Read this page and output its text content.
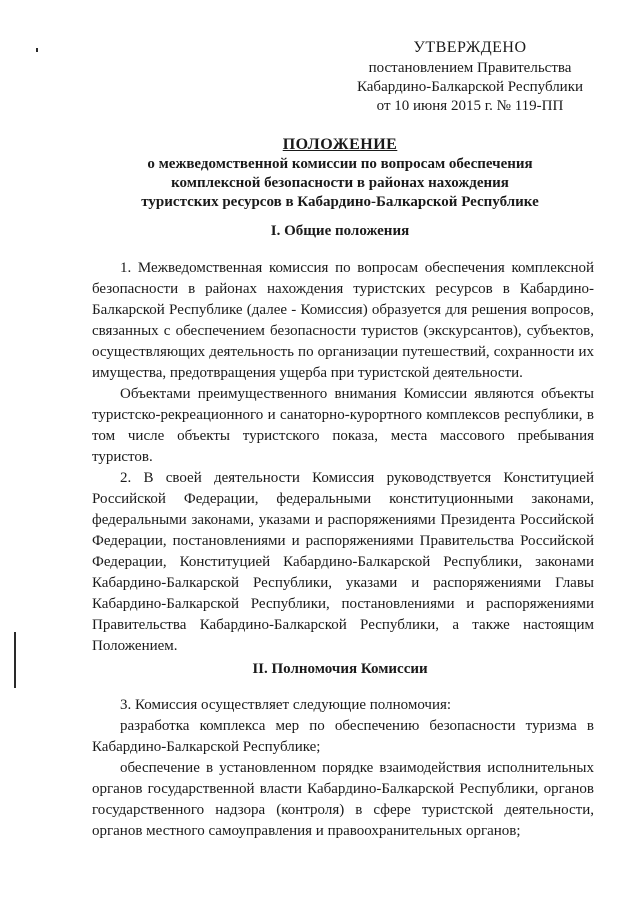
УТВЕРЖДЕНО
постановлением Правительства
Кабардино-Балкарской Республики
от 10 июня 2015 г. № 119-ПП
ПОЛОЖЕНИЕ
о межведомственной комиссии по вопросам обеспечения
комплексной безопасности в районах нахождения
туристских ресурсов в Кабардино-Балкарской Республике
I. Общие положения

1. Межведомственная комиссия по вопросам обеспечения комплексной безопасности в районах нахождения туристских ресурсов в Кабардино-Балкарской Республике (далее - Комиссия) образуется для решения вопросов, связанных с обеспечением безопасности туристов (экскурсантов), субъектов, осуществляющих деятельность по организации путешествий, сохранности их имущества, предотвращения ущерба при туристской деятельности.

Объектами преимущественного внимания Комиссии являются объекты туристско-рекреационного и санаторно-курортного комплексов республики, в том числе объекты туристского показа, места массового пребывания туристов.

2. В своей деятельности Комиссия руководствуется Конституцией Российской Федерации, федеральными конституционными законами, федеральными законами, указами и распоряжениями Президента Российской Федерации, постановлениями и распоряжениями Правительства Российской Федерации, Конституцией Кабардино-Балкарской Республики, законами Кабардино-Балкарской Республики, указами и распоряжениями Главы Кабардино-Балкарской Республики, постановлениями и распоряжениями Правительства Кабардино-Балкарской Республики, а также настоящим Положением.

II. Полномочия Комиссии

3. Комиссия осуществляет следующие полномочия:

разработка комплекса мер по обеспечению безопасности туризма в Кабардино-Балкарской Республике;

обеспечение в установленном порядке взаимодействия исполнительных органов государственной власти Кабардино-Балкарской Республики, органов государственного надзора (контроля) в сфере туристской деятельности, органов местного самоуправления и правоохранительных органов;
